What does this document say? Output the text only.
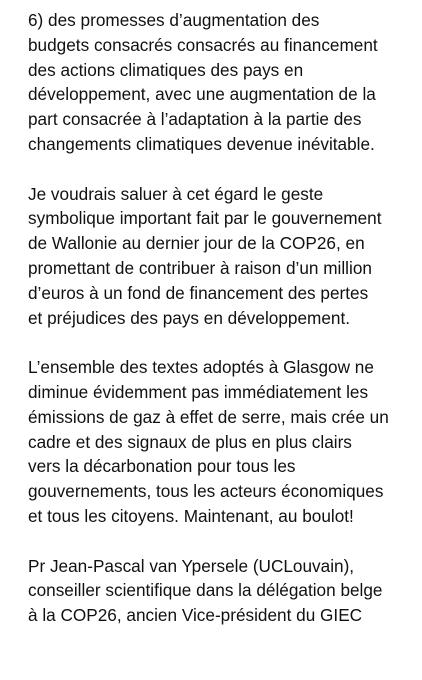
6) des promesses d’augmentation des
budgets consacrés consacrés au financement
des actions climatiques des pays en
développement, avec une augmentation de la
part consacrée à l’adaptation à la partie des
changements climatiques devenue inévitable.

Je voudrais saluer à cet égard le geste
symbolique important fait par le gouvernement
de Wallonie au dernier jour de la COP26, en
promettant de contribuer à raison d’un million
d’euros à un fond de financement des pertes
et préjudices des pays en développement.

L’ensemble des textes adoptés à Glasgow ne
diminue évidemment pas immédiatement les
émissions de gaz à effet de serre, mais crée un
cadre et des signaux de plus en plus clairs
vers la décarbonation pour tous les
gouvernements, tous les acteurs économiques
et tous les citoyens. Maintenant, au boulot!

Pr Jean-Pascal van Ypersele (UCLouvain),
conseiller scientifique dans la délégation belge
à la COP26, ancien Vice-président du GIEC
